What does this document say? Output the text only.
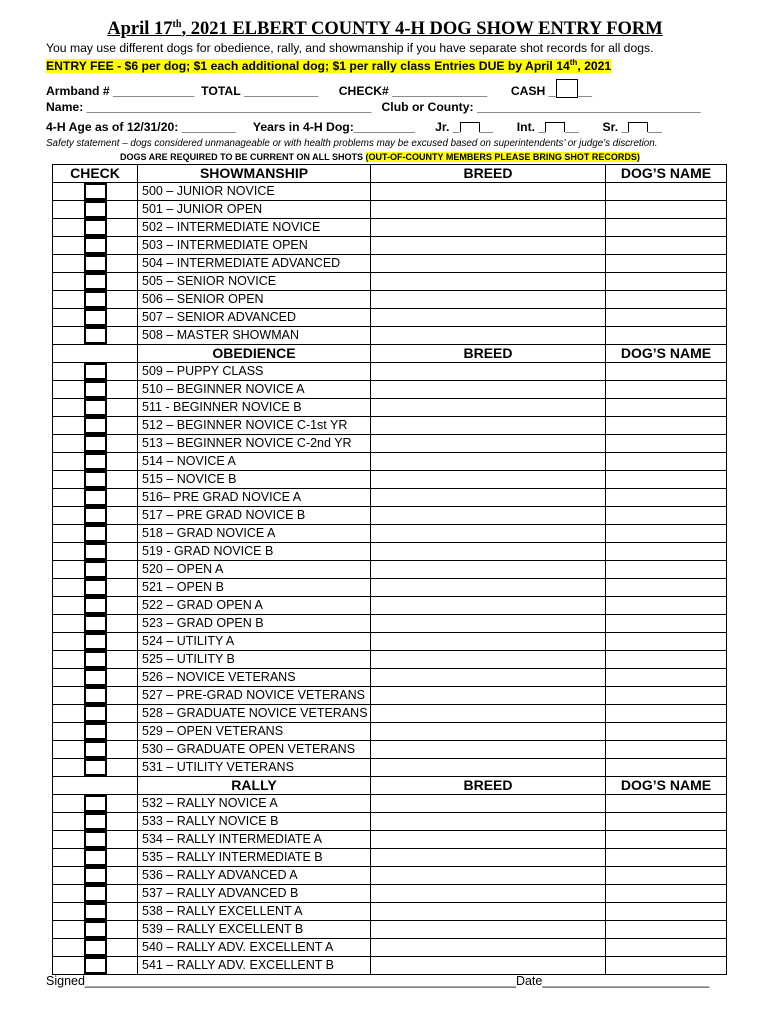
April 17th, 2021 ELBERT COUNTY 4-H DOG SHOW ENTRY FORM
You may use different dogs for obedience, rally, and showmanship if you have separate shot records for all dogs.
ENTRY FEE - $6 per dog; $1 each additional dog; $1 per rally class Entries DUE by April 14th, 2021
Armband # ____________ TOTAL ___________ CHECK# ______________ CASH _ __
Name: __________________________________________ Club or County: _________________________________
4-H Age as of 12/31/20: ________ Years in 4-H Dog:_________ Jr. _ __ Int. _ __ Sr. _ __
Safety statement – dogs considered unmanageable or with health problems may be excused based on superintendents’ or judge’s discretion.
DOGS ARE REQUIRED TO BE CURRENT ON ALL SHOTS (OUT-OF-COUNTY MEMBERS PLEASE BRING SHOT RECORDS)
CHECK	SHOWMANSHIP	BREED	DOG’S NAME
	500 – JUNIOR NOVICE		
	501 – JUNIOR OPEN		
	502 – INTERMEDIATE NOVICE		
	503 – INTERMEDIATE OPEN		
	504 – INTERMEDIATE ADVANCED		
	505 – SENIOR NOVICE		
	506 – SENIOR OPEN		
	507 – SENIOR ADVANCED		
	508 – MASTER SHOWMAN		
	OBEDIENCE	BREED	DOG’S NAME
	509 – PUPPY CLASS		
	510 – BEGINNER NOVICE A		
	511 - BEGINNER NOVICE B		
	512 – BEGINNER NOVICE C-1st YR		
	513 – BEGINNER NOVICE C-2nd YR		
	514 – NOVICE A		
	515 – NOVICE B		
	516– PRE GRAD NOVICE A		
	517 – PRE GRAD NOVICE B		
	518 – GRAD NOVICE A		
	519 - GRAD NOVICE B		
	520 – OPEN A		
	521 – OPEN B		
	522 – GRAD OPEN A		
	523 – GRAD OPEN B		
	524 – UTILITY A		
	525 – UTILITY B		
	526 – NOVICE VETERANS		
	527 – PRE-GRAD NOVICE VETERANS		
	528 – GRADUATE NOVICE VETERANS		
	529 – OPEN VETERANS		
	530 – GRADUATE OPEN VETERANS		
	531 – UTILITY VETERANS		
	RALLY	BREED	DOG’S NAME
	532 – RALLY NOVICE A		
	533 – RALLY NOVICE B		
	534 – RALLY INTERMEDIATE A		
	535 – RALLY INTERMEDIATE B		
	536 – RALLY ADVANCED A		
	537 – RALLY ADVANCED B		
	538 – RALLY EXCELLENT A		
	539 – RALLY EXCELLENT B		
	540 – RALLY ADV. EXCELLENT A		
	541 – RALLY ADV. EXCELLENT B		
Signed______________________________________________________________Date________________________
